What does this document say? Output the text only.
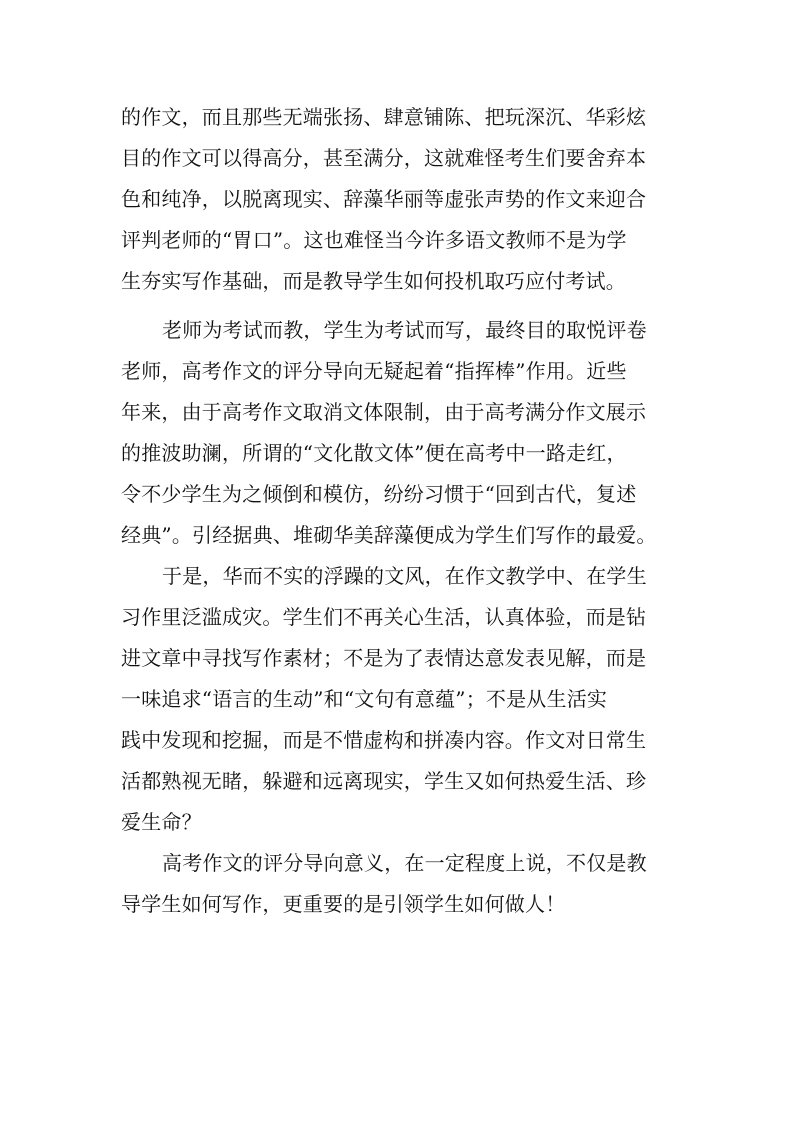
的作文，而且那些无端张扬、肆意铺陈、把玩深沉、华彩炫
目的作文可以得高分，甚至满分，这就难怪考生们要舍弃本
色和纯净，以脱离现实、辞藻华丽等虚张声势的作文来迎合
评判老师的“胃口”。这也难怪当今许多语文教师不是为学
生夯实写作基础，而是教导学生如何投机取巧应付考试。
老师为考试而教，学生为考试而写，最终目的取悦评卷
老师，高考作文的评分导向无疑起着“指挥棒”作用。近些
年来，由于高考作文取消文体限制，由于高考满分作文展示
的推波助澜，所谓的“文化散文体”便在高考中一路走红，
令不少学生为之倾倒和模仿，纷纷习惯于“回到古代，复述
经典”。引经据典、堆砌华美辞藻便成为学生们写作的最爱。
于是，华而不实的浮躁的文风，在作文教学中、在学生
习作里泛滥成灾。学生们不再关心生活，认真体验，而是钻
进文章中寻找写作素材；不是为了表情达意发表见解，而是
一味追求“语言的生动”和“文句有意蕴”；不是从生活实
践中发现和挖掘，而是不惜虚构和拼凑内容。作文对日常生
活都熟视无睹，躲避和远离现实，学生又如何热爱生活、珍
爱生命？
高考作文的评分导向意义，在一定程度上说，不仅是教
导学生如何写作，更重要的是引领学生如何做人！
